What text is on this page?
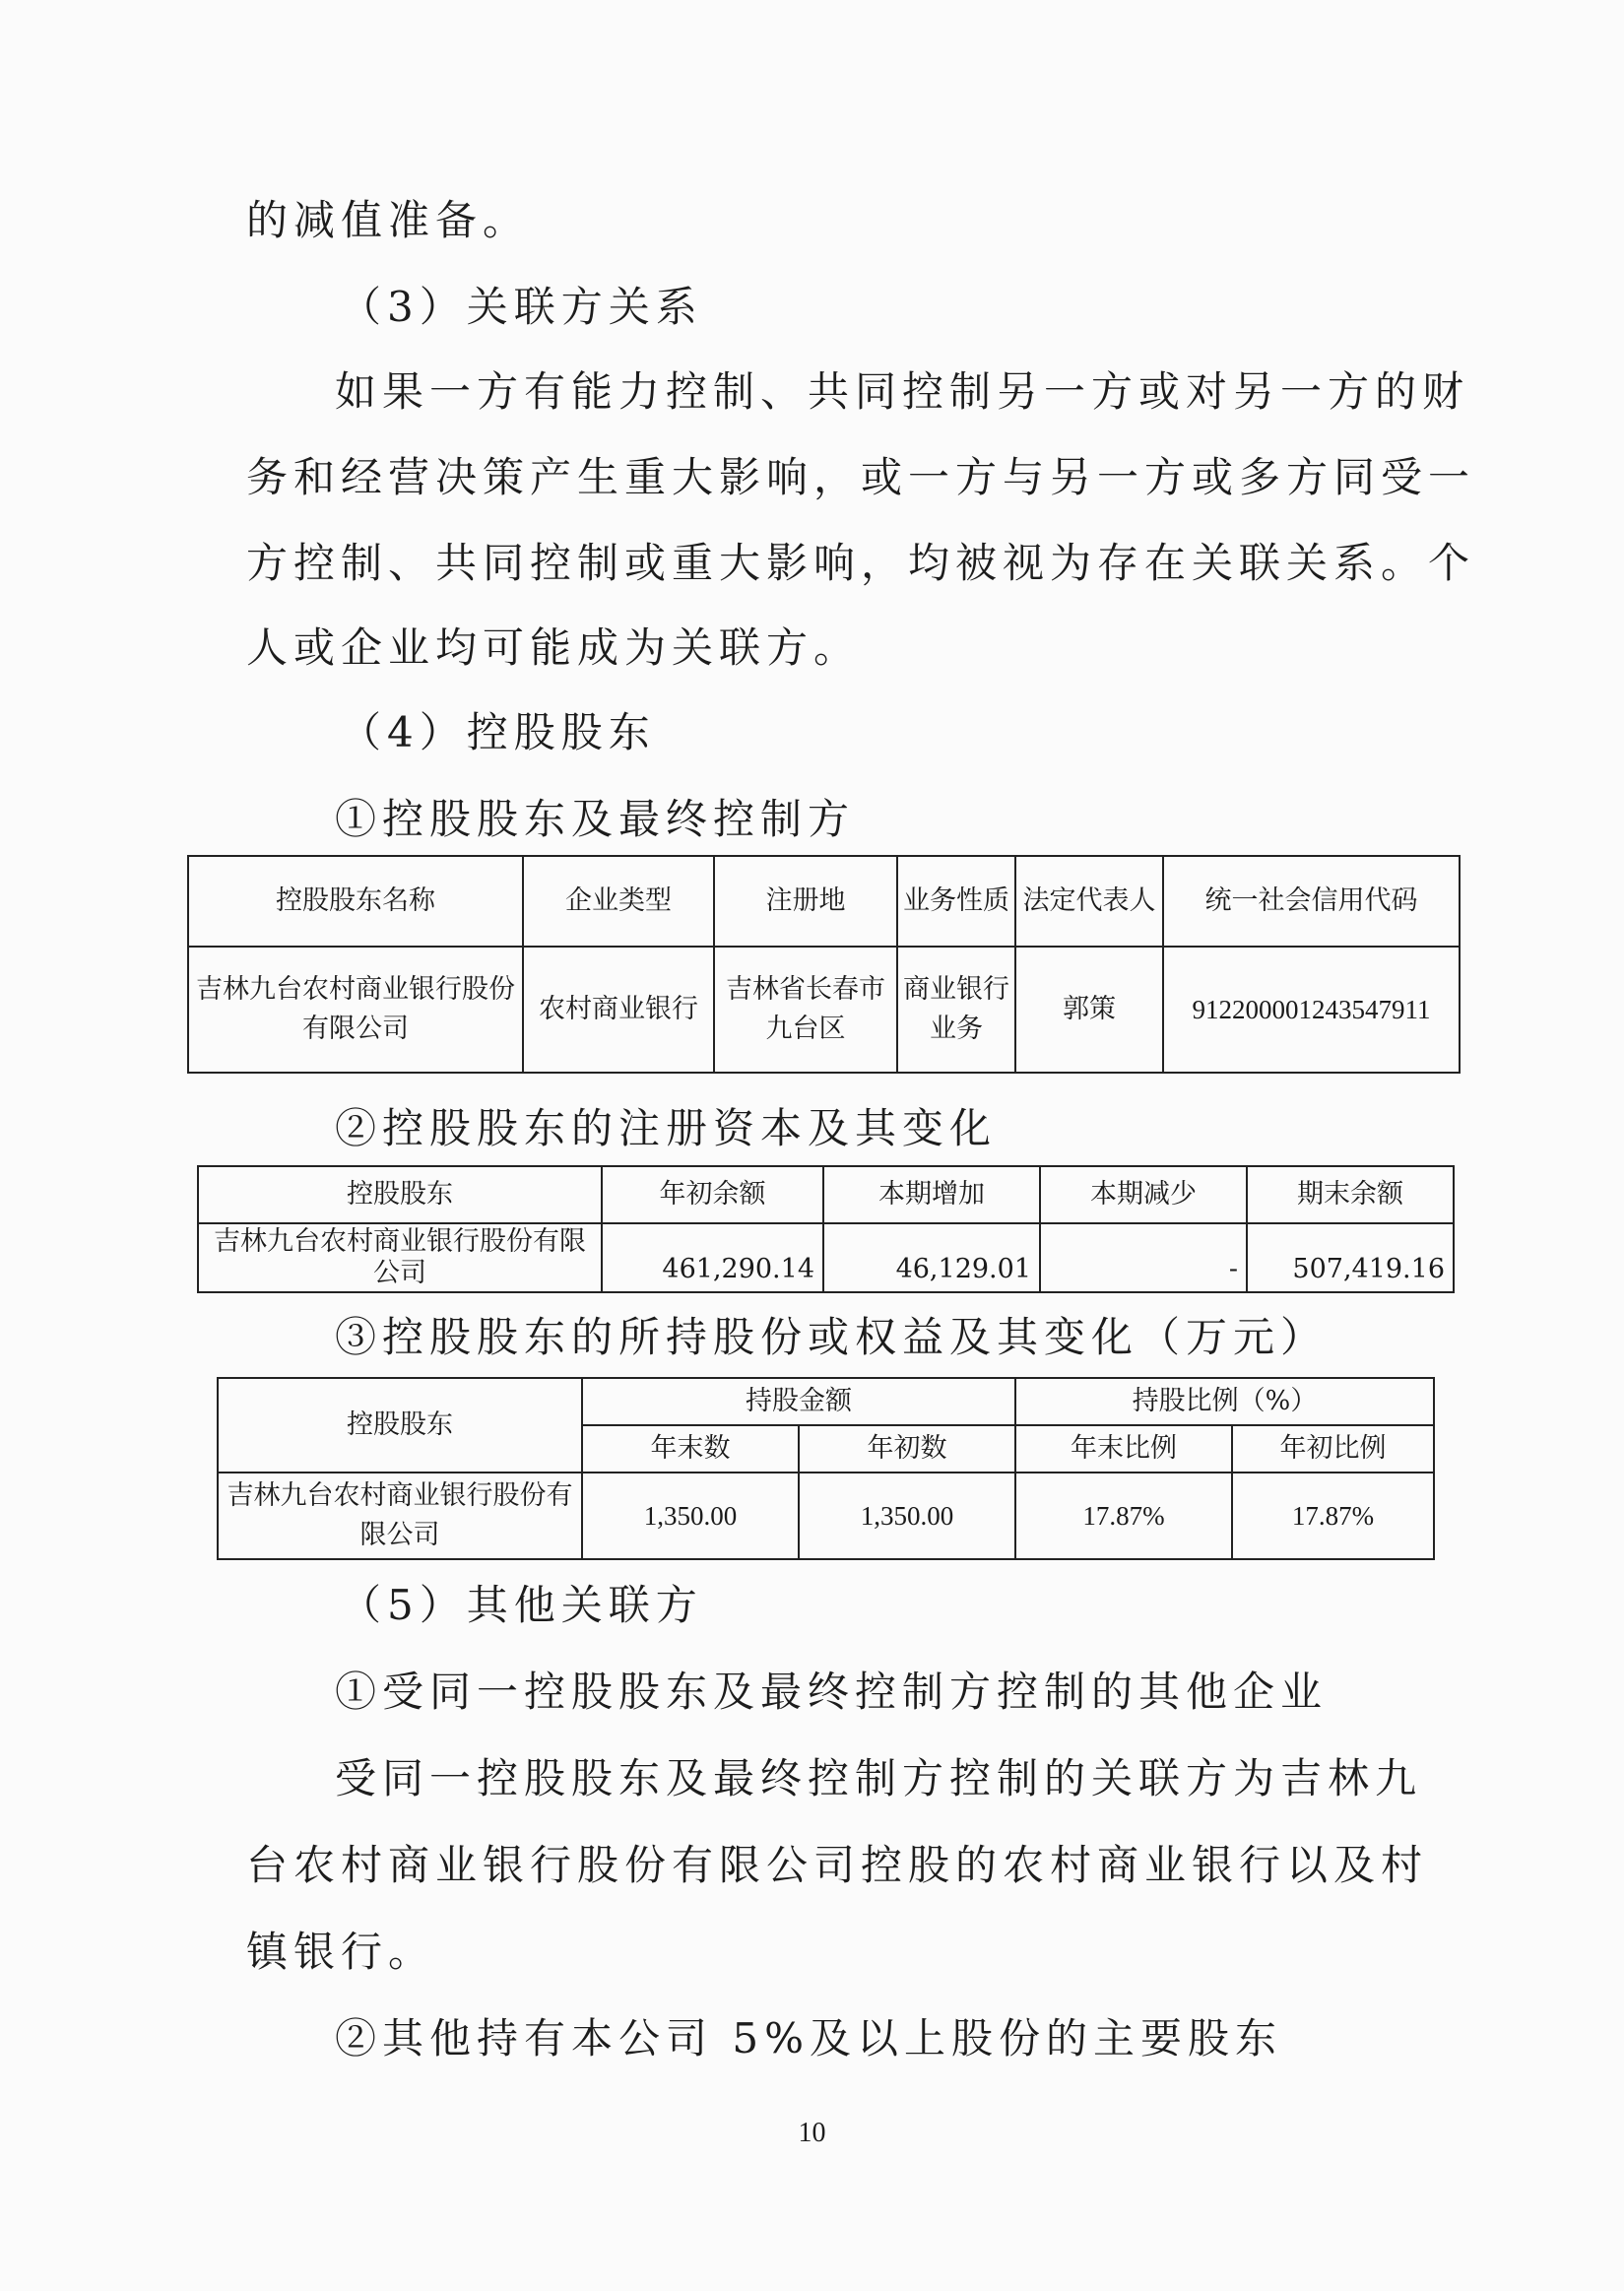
的减值准备。
（3）关联方关系
如果一方有能力控制、共同控制另一方或对另一方的财
务和经营决策产生重大影响，或一方与另一方或多方同受一
方控制、共同控制或重大影响，均被视为存在关联关系。个
人或企业均可能成为关联方。
（4）控股股东
①控股股东及最终控制方
控股股东名称	企业类型	注册地	业务性质	法定代表人	统一社会信用代码
吉林九台农村商业银行股份有限公司	农村商业银行	吉林省长春市九台区	商业银行业务	郭策	912200001243547911
②控股股东的注册资本及其变化
控股股东	年初余额	本期增加	本期减少	期末余额
吉林九台农村商业银行股份有限公司	461,290.14	46,129.01	-	507,419.16
③控股股东的所持股份或权益及其变化（万元）
控股股东	持股金额		持股比例（%）	
	年末数	年初数	年末比例	年初比例
吉林九台农村商业银行股份有限公司	1,350.00	1,350.00	17.87%	17.87%
（5）其他关联方
①受同一控股股东及最终控制方控制的其他企业
受同一控股股东及最终控制方控制的关联方为吉林九
台农村商业银行股份有限公司控股的农村商业银行以及村
镇银行。
②其他持有本公司 5%及以上股份的主要股东
10
